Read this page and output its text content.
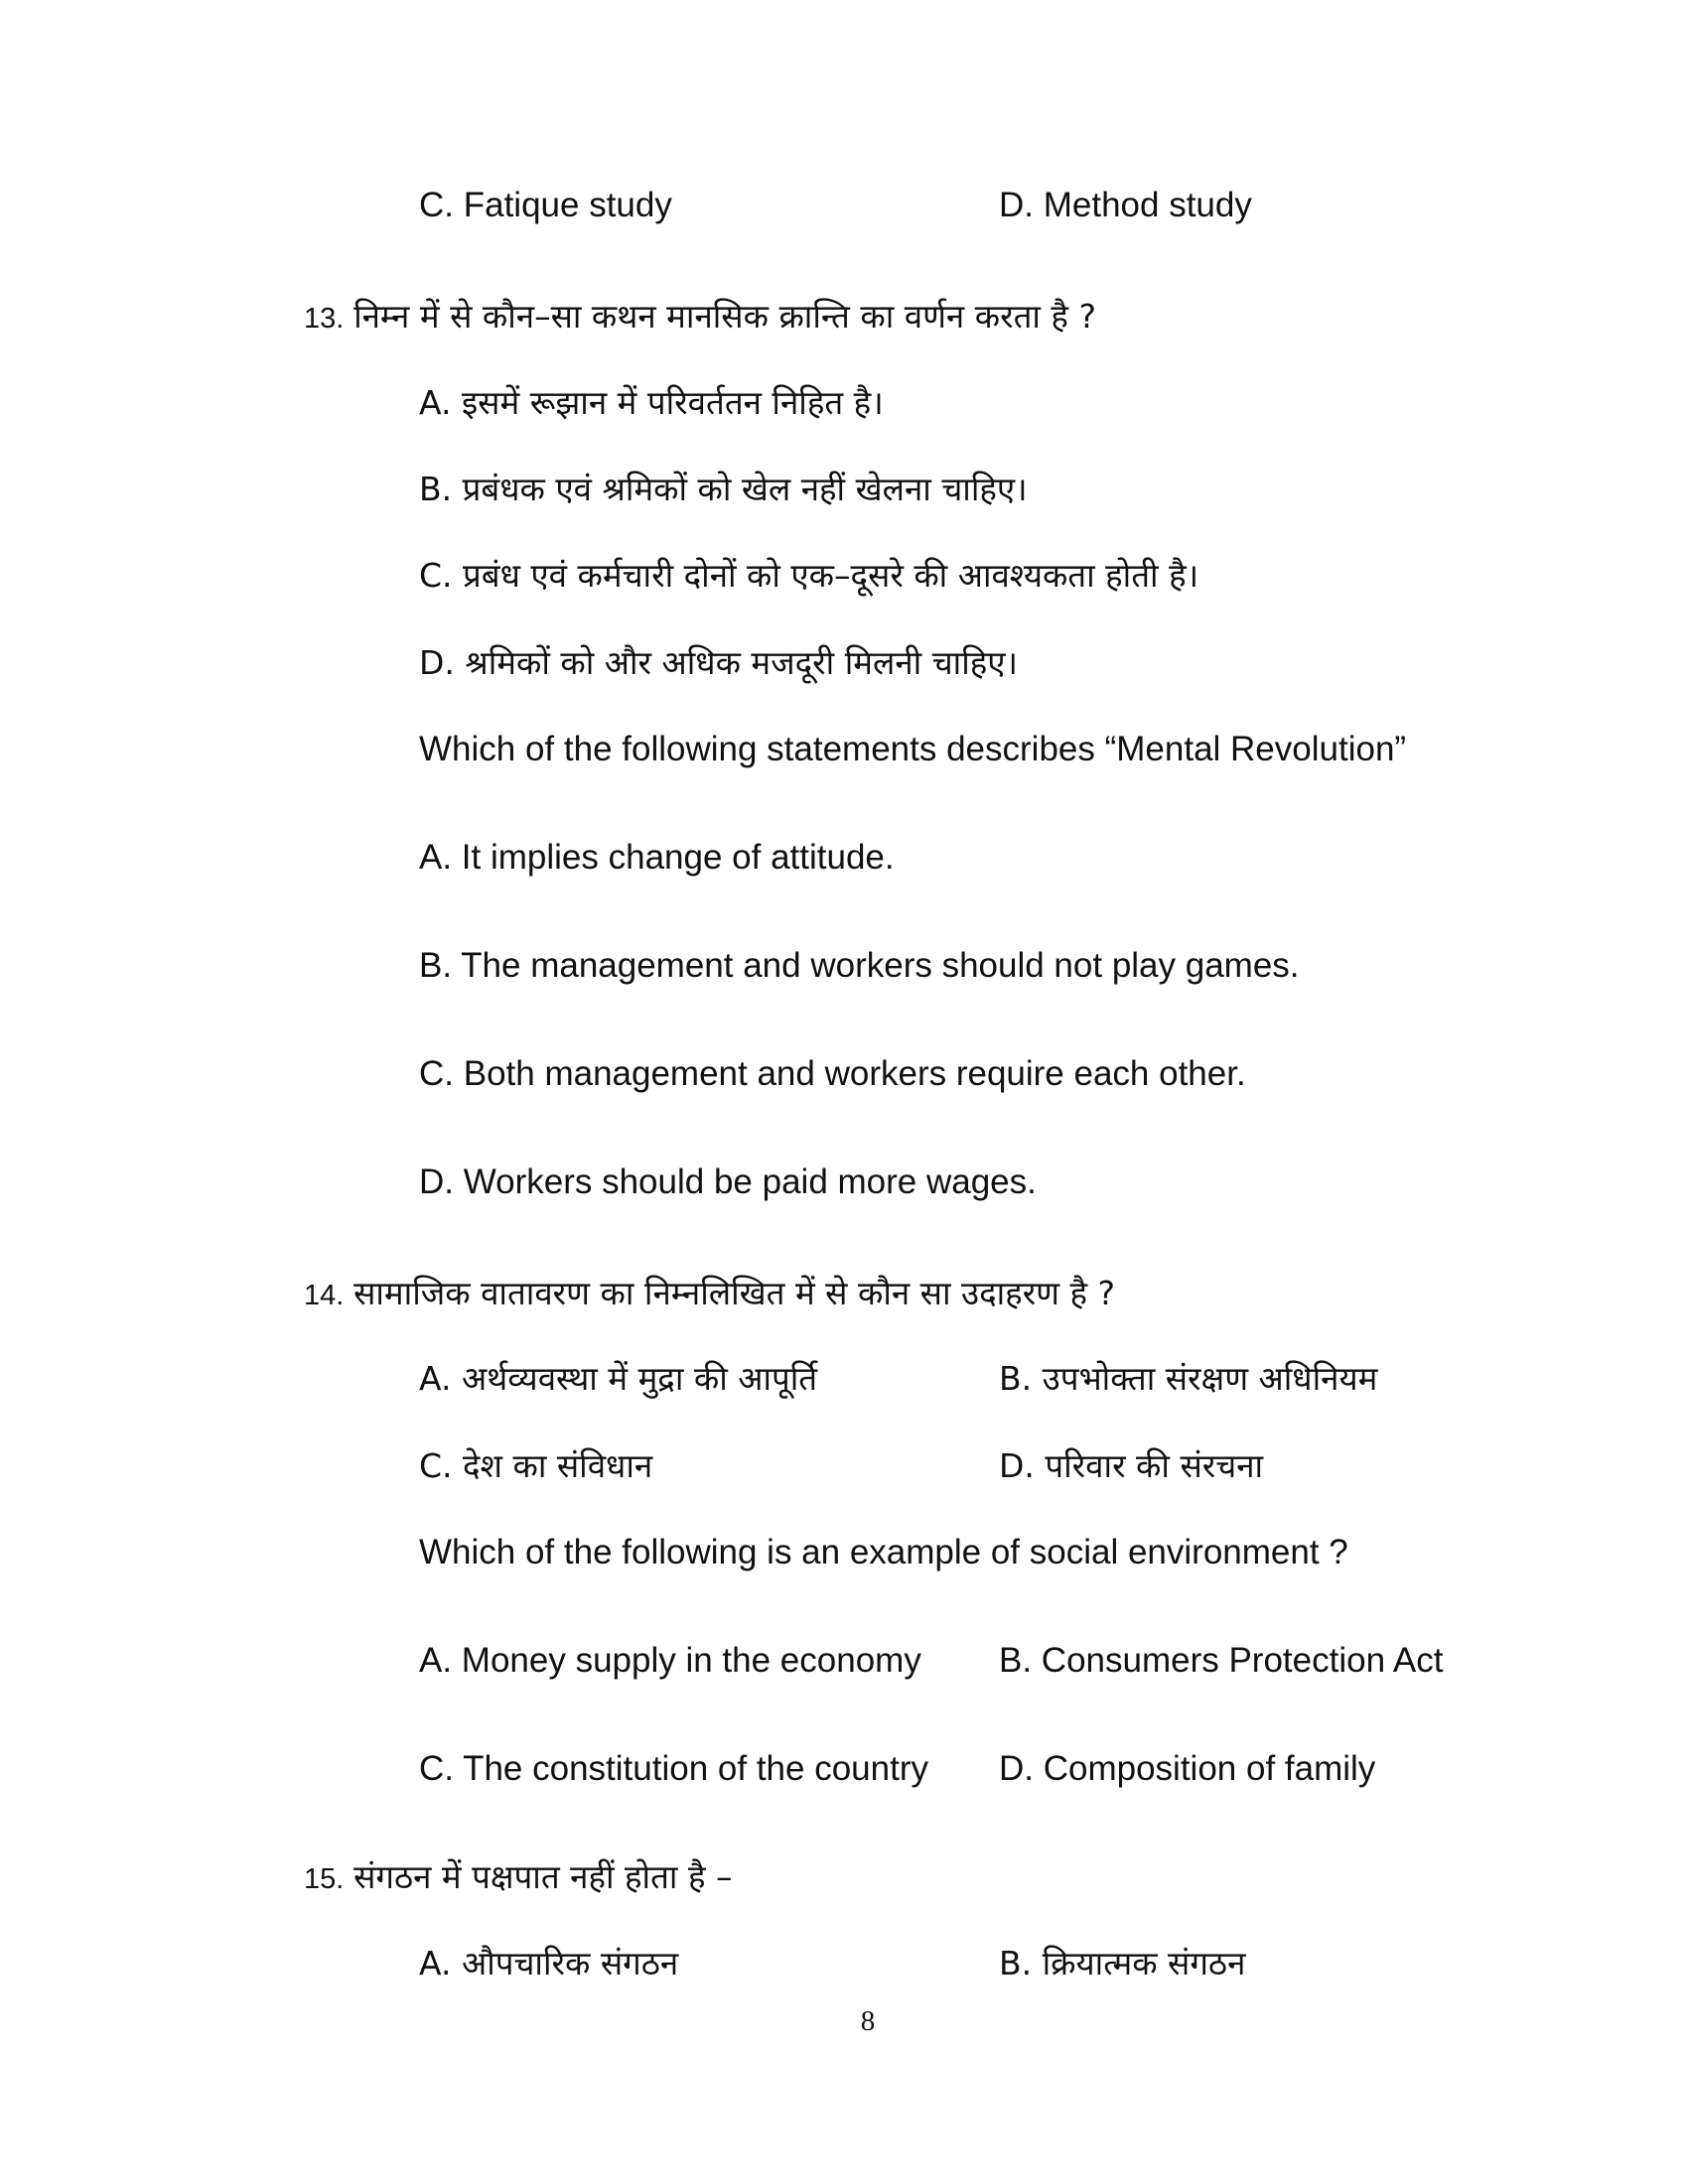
C. Fatique study	D. Method study
13. निम्न में से कौन–सा कथन मानसिक क्रान्ति का वर्णन करता है ?
A. इसमें रूझान में परिवर्ततन निहित है।
B. प्रबंधक एवं श्रमिकों को खेल नहीं खेलना चाहिए।
C. प्रबंध एवं कर्मचारी दोनों को एक–दूसरे की आवश्यकता होती है।
D. श्रमिकों को और अधिक मजदूरी मिलनी चाहिए।
Which of the following statements describes “Mental Revolution”
A. It implies change of attitude.
B. The management and workers should not play games.
C. Both management and workers require each other.
D. Workers should be paid more wages.
14. सामाजिक वातावरण का निम्नलिखित में से कौन सा उदाहरण है ?
A. अर्थव्यवस्था में मुद्रा की आपूर्ति	B. उपभोक्ता संरक्षण अधिनियम
C. देश का संविधान	D. परिवार की संरचना
Which of the following is an example of social environment ?
A. Money supply in the economy B. Consumers Protection Act
C. The constitution of the country D. Composition of family
15. संगठन में पक्षपात नहीं होता है –
A. औपचारिक संगठन	B. क्रियात्मक संगठन
8
